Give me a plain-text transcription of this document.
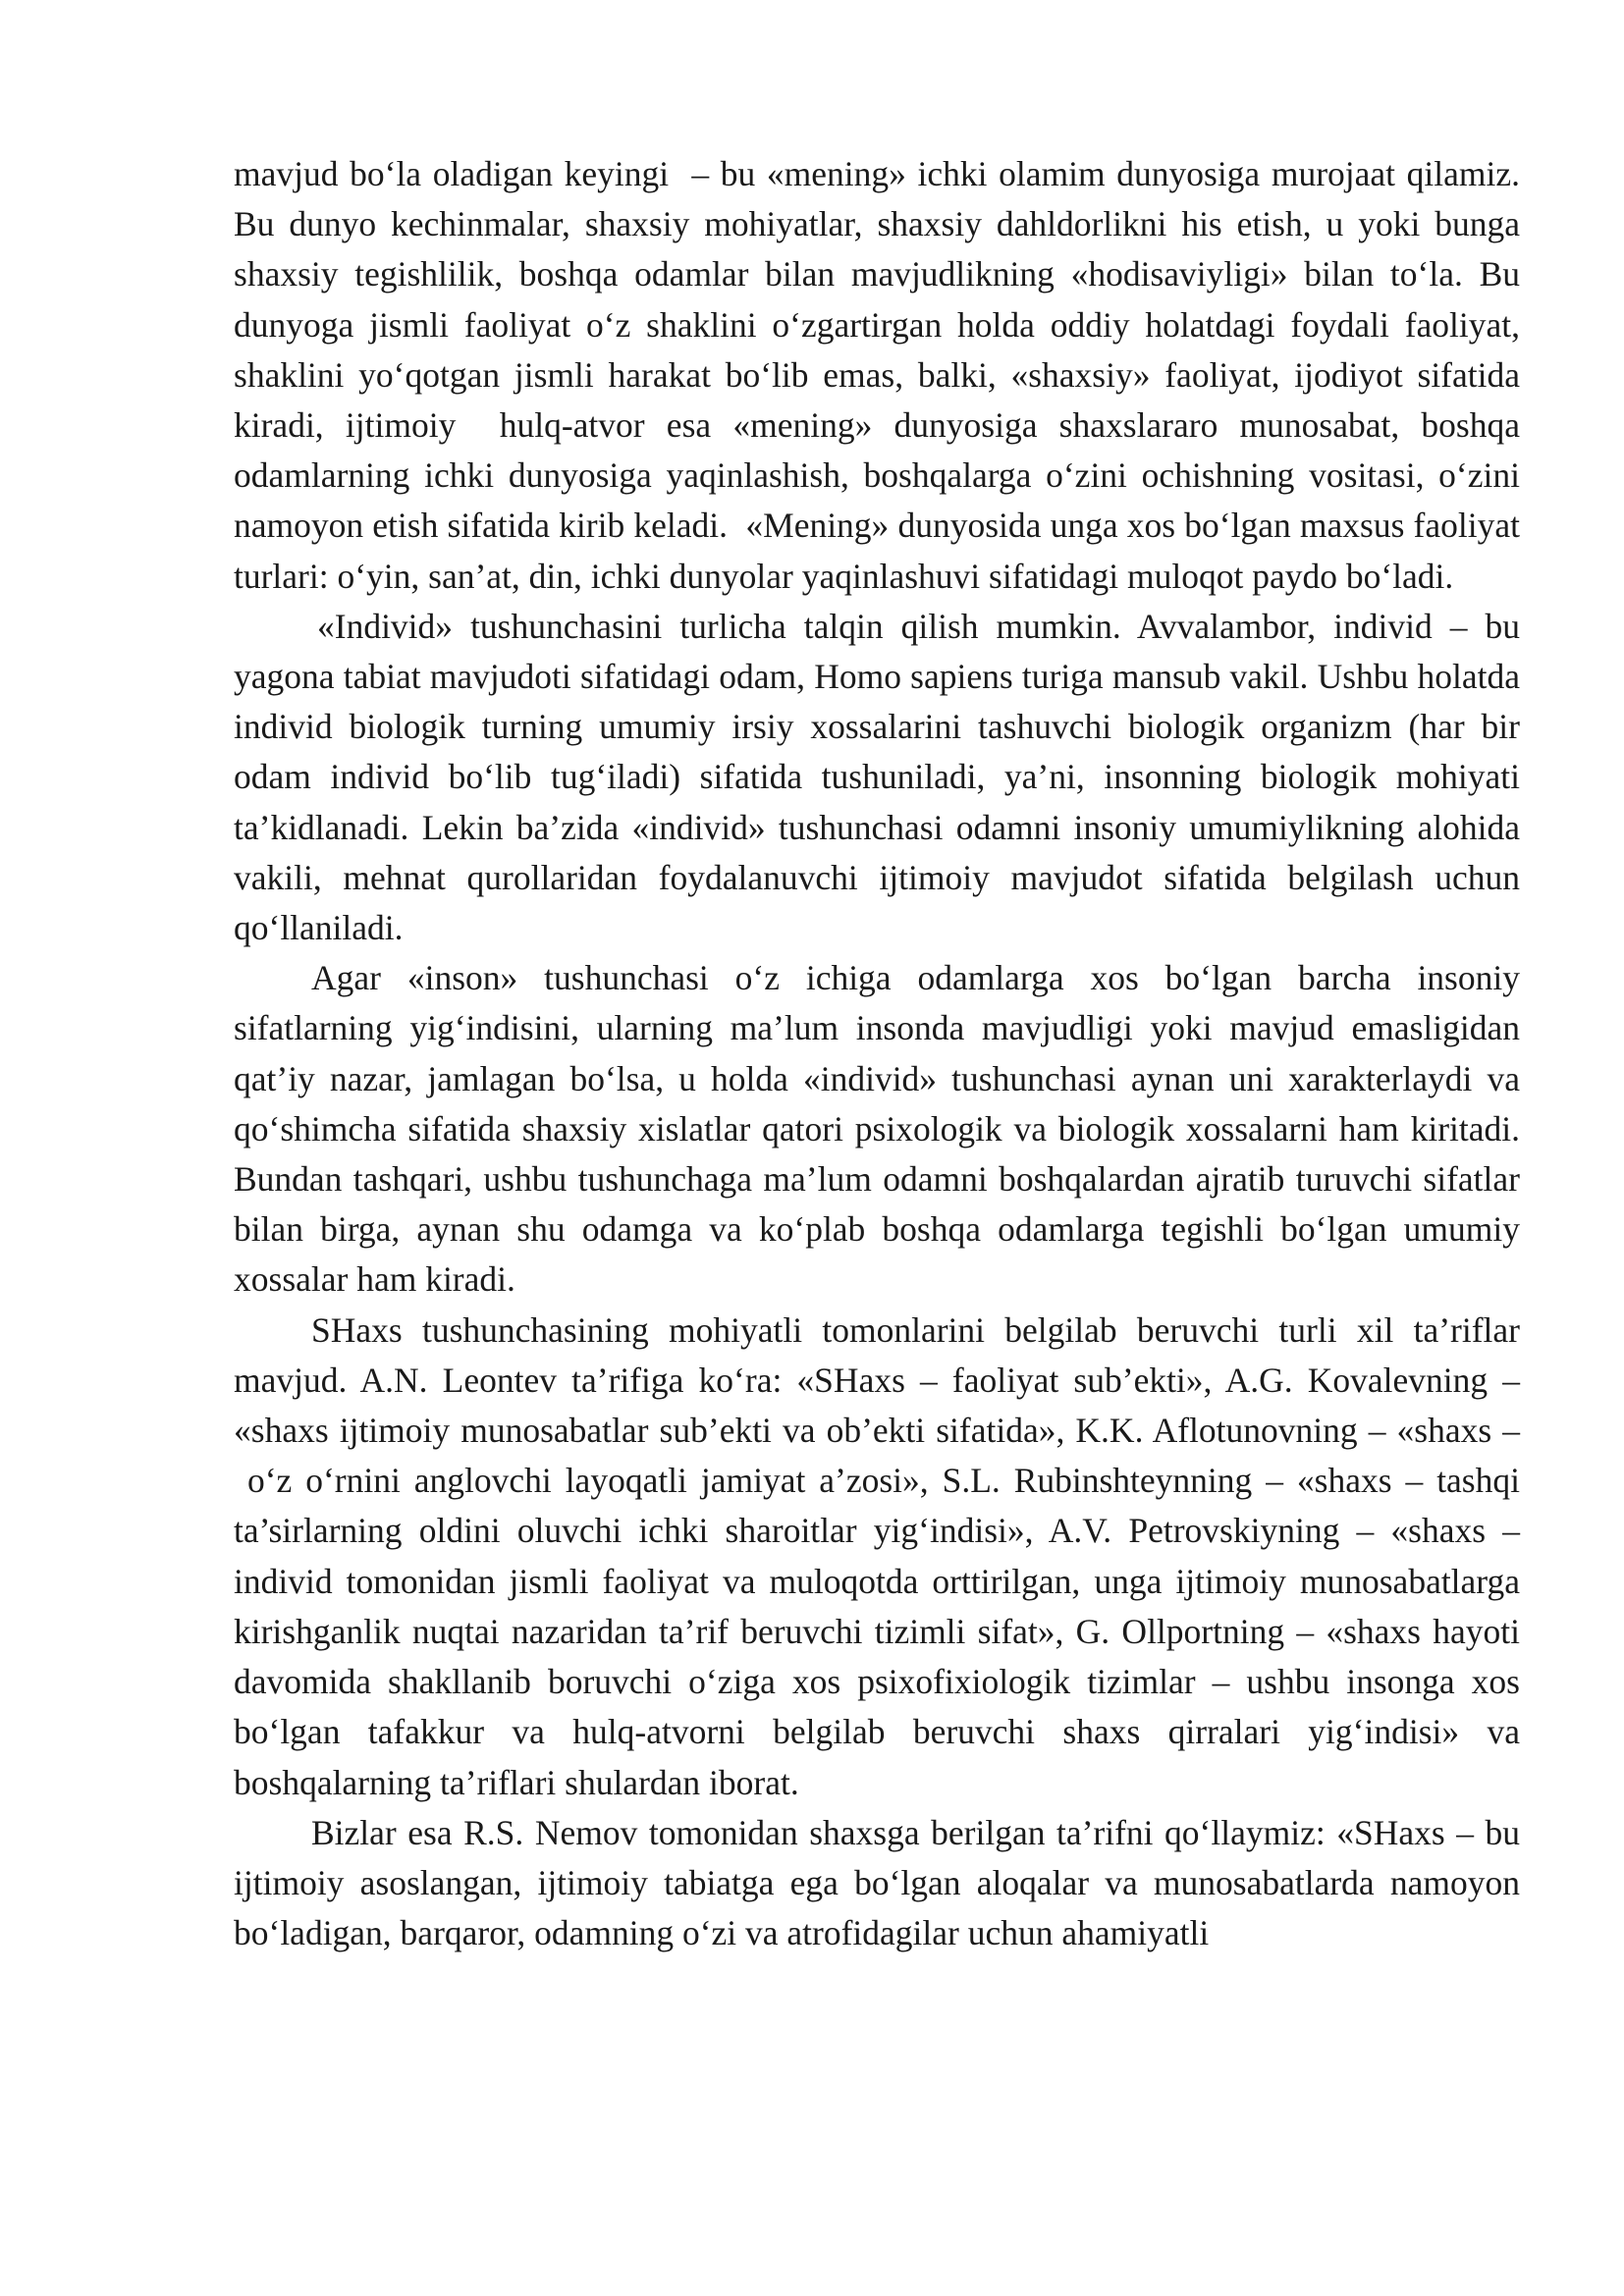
mavjud bo‘la oladigan keyingi  – bu «mening» ichki olamim dunyosiga murojaat qilamiz. Bu dunyo kechinmalar, shaxsiy mohiyatlar, shaxsiy dahldorlikni his etish, u yoki bunga shaxsiy tegishlilik, boshqa odamlar bilan mavjudlikning «hodisaviyligi» bilan to‘la. Bu dunyoga jismli faoliyat o‘z shaklini o‘zgartirgan holda oddiy holatdagi foydali faoliyat, shaklini yo‘qotgan jismli harakat bo‘lib emas, balki, «shaxsiy» faoliyat, ijodiyot sifatida kiradi, ijtimoiy  hulq-atvor esa «mening» dunyosiga shaxslararo munosabat, boshqa odamlarning ichki dunyosiga yaqinlashish, boshqalarga o‘zini ochishning vositasi, o‘zini namoyon etish sifatida kirib keladi.  «Mening» dunyosida unga xos bo‘lgan maxsus faoliyat turlari: o‘yin, san’at, din, ichki dunyolar yaqinlashuvi sifatidagi muloqot paydo bo‘ladi.

«Individ» tushunchasini turlicha talqin qilish mumkin. Avvalambor, individ – bu yagona tabiat mavjudoti sifatidagi odam, Homo sapiens turiga mansub vakil. Ushbu holatda individ biologik turning umumiy irsiy xossalarini tashuvchi biologik organizm (har bir odam individ bo‘lib tug‘iladi) sifatida tushuniladi, ya’ni, insonning biologik mohiyati ta’kidlanadi. Lekin ba’zida «individ» tushunchasi odamni insoniy umumiylikning alohida vakili, mehnat qurollaridan foydalanuvchi ijtimoiy mavjudot sifatida belgilash uchun qo‘llaniladi.

Agar «inson» tushunchasi o‘z ichiga odamlarga xos bo‘lgan barcha insoniy sifatlarning yig‘indisini, ularning ma’lum insonda mavjudligi yoki mavjud emasligidan qat’iy nazar, jamlagan bo‘lsa, u holda «individ» tushunchasi aynan uni xarakterlaydi va qo‘shimcha sifatida shaxsiy xislatlar qatori psixologik va biologik xossalarni ham kiritadi. Bundan tashqari, ushbu tushunchaga ma’lum odamni boshqalardan ajratib turuvchi sifatlar bilan birga, aynan shu odamga va ko‘plab boshqa odamlarga tegishli bo‘lgan umumiy xossalar ham kiradi.

SHaxs tushunchasining mohiyatli tomonlarini belgilab beruvchi turli xil ta’riflar mavjud. A.N. Leontev ta’rifiga ko‘ra: «SHaxs – faoliyat sub’ekti», A.G. Kovalevning – «shaxs ijtimoiy munosabatlar sub’ekti va ob’ekti sifatida», K.K. Aflotunovning – «shaxs –  o‘z o‘rnini anglovchi layoqatli jamiyat a’zosi», S.L. Rubinshteynning – «shaxs – tashqi ta’sirlarning oldini oluvchi ichki sharoitlar yig‘indisi», A.V. Petrovskiyning – «shaxs – individ tomonidan jismli faoliyat va muloqotda orttirilgan, unga ijtimoiy munosabatlarga kirishganlik nuqtai nazaridan ta’rif beruvchi tizimli sifat», G. Ollportning – «shaxs hayoti davomida shakllanib boruvchi o‘ziga xos psixofixiologik tizimlar – ushbu insonga xos bo‘lgan tafakkur va hulq-atvorni belgilab beruvchi shaxs qirralari yig‘indisi» va boshqalarning ta’riflari shulardan iborat.

Bizlar esa R.S. Nemov tomonidan shaxsga berilgan ta’rifni qo‘llaymiz: «SHaxs – bu ijtimoiy asoslangan, ijtimoiy tabiatga ega bo‘lgan aloqalar va munosabatlarda namoyon bo‘ladigan, barqaror, odamning o‘zi va atrofidagilar uchun ahamiyatli
